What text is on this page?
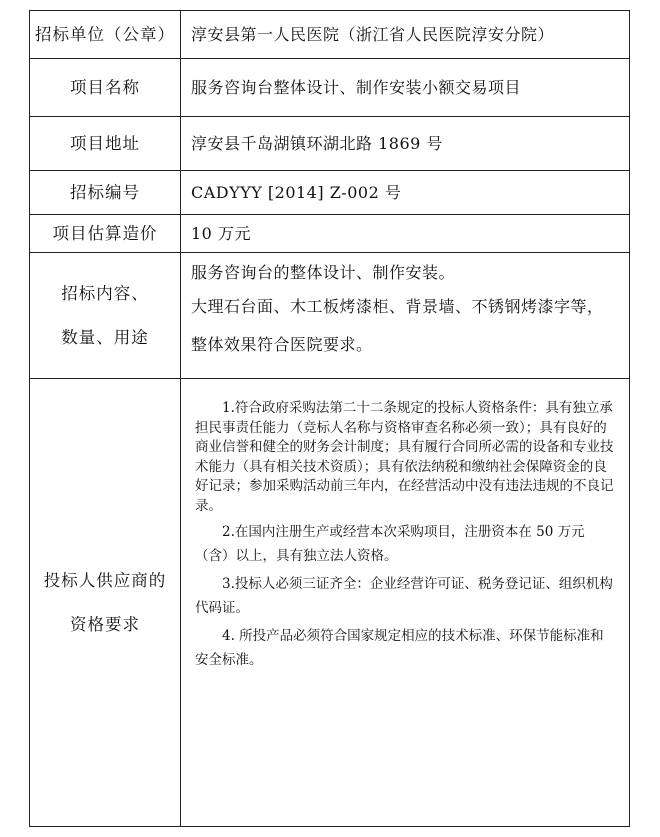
招标单位（公章）	淳安县第一人民医院（浙江省人民医院淳安分院）
项目名称	服务咨询台整体设计、制作安装小额交易项目
项目地址	淳安县千岛湖镇环湖北路 1869 号
招标编号	CADYYY [2014] Z-002 号
项目估算造价	10 万元

招标内容、
数量、用途	服务咨询台的整体设计、制作安装。
大理石台面、木工板烤漆柜、背景墙、不锈钢烤漆字等，整体效果符合医院要求。

投标人供应商的
资格要求	1.符合政府采购法第二十二条规定的投标人资格条件：具有独立承担民事责任能力（竞标人名称与资格审查名称必须一致）；具有良好的商业信誉和健全的财务会计制度；具有履行合同所必需的设备和专业技术能力（具有相关技术资质）；具有依法纳税和缴纳社会保障资金的良好记录；参加采购活动前三年内，在经营活动中没有违法违规的不良记录。
2.在国内注册生产或经营本次采购项目，注册资本在 50 万元（含）以上，具有独立法人资格。
3.投标人必须三证齐全：企业经营许可证、税务登记证、组织机构代码证。
4. 所投产品必须符合国家规定相应的技术标准、环保节能标准和安全标准。
